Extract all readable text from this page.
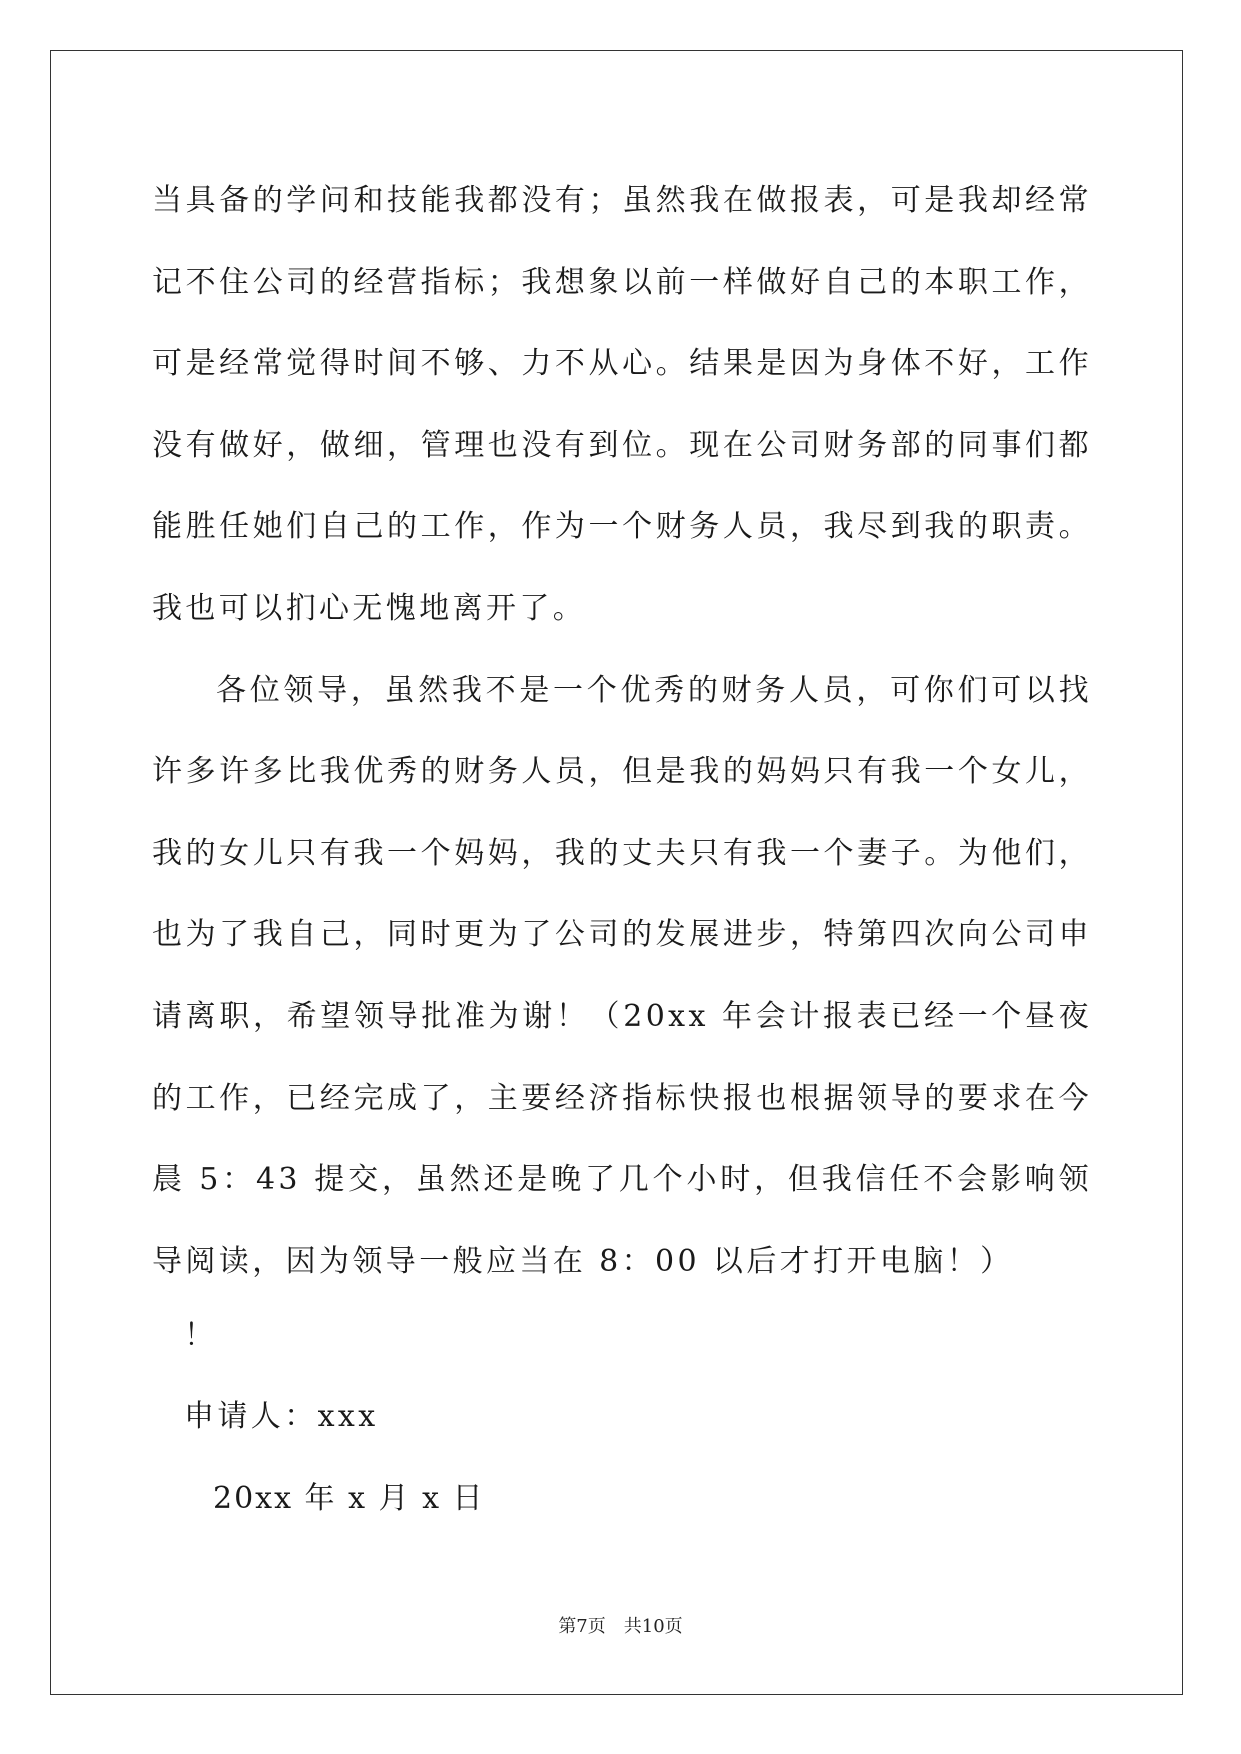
当具备的学问和技能我都没有；虽然我在做报表，可是我却经常记不住公司的经营指标；我想象以前一样做好自己的本职工作，可是经常觉得时间不够、力不从心。结果是因为身体不好，工作没有做好，做细，管理也没有到位。现在公司财务部的同事们都能胜任她们自己的工作，作为一个财务人员，我尽到我的职责。我也可以扪心无愧地离开了。

各位领导，虽然我不是一个优秀的财务人员，可你们可以找许多许多比我优秀的财务人员，但是我的妈妈只有我一个女儿，我的女儿只有我一个妈妈，我的丈夫只有我一个妻子。为他们，也为了我自己，同时更为了公司的发展进步，特第四次向公司申请离职，希望领导批准为谢！（20xx 年会计报表已经一个昼夜的工作，已经完成了，主要经济指标快报也根据领导的要求在今晨 5：43 提交，虽然还是晚了几个小时，但我信任不会影响领导阅读，因为领导一般应当在 8：00 以后才打开电脑！）

！
申请人：xxx
20xx 年 x 月 x 日
第7页 共10页
